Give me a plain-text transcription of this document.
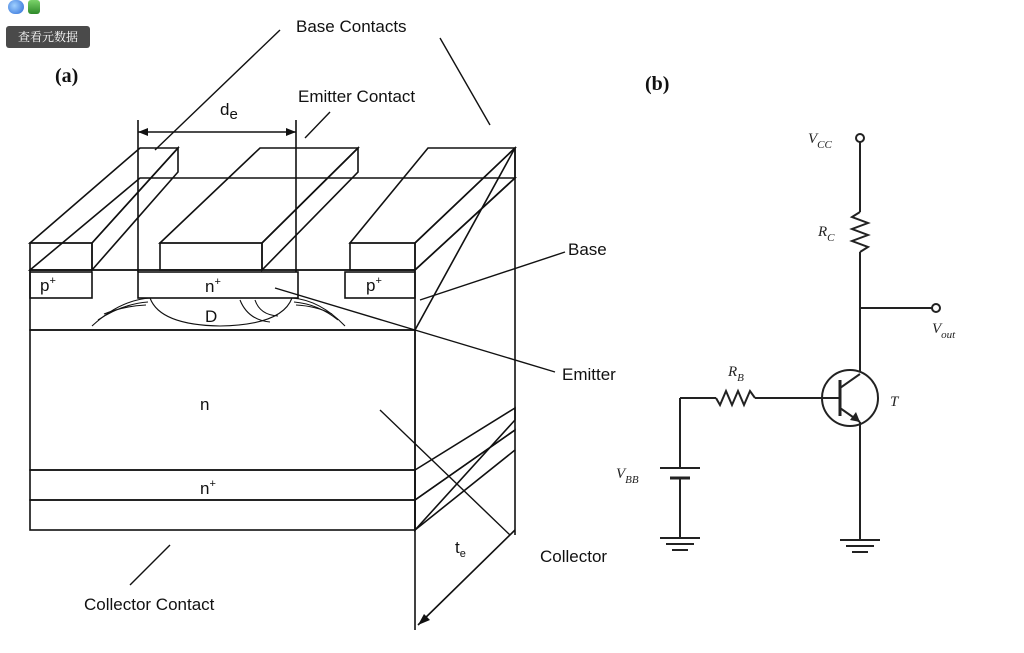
查看元数据
(a)
Base Contacts
Emitter Contact
Base
Emitter
Collector
Collector Contact
de
$t_e$
p+	p+
n+
D
n
n+
(b)
$V_{CC}$
$R_C$
$V_{out}$
$R_B$
$V_{BB}$
T
